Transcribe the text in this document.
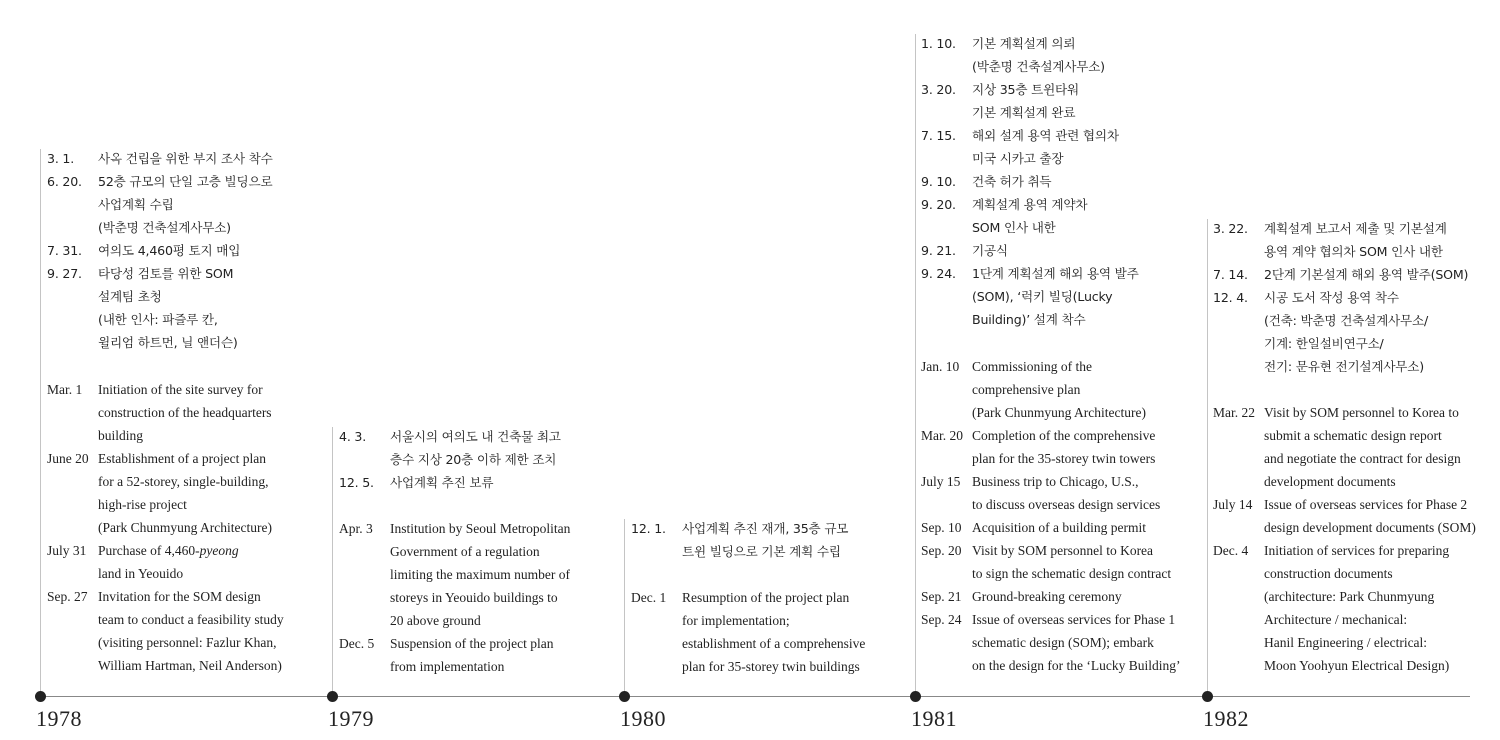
3. 1.	사옥 건립을 위한 부지 조사 착수
6. 20.	52층 규모의 단일 고층 빌딩으로
사업계획 수립
(박춘명 건축설계사무소)
7. 31.	여의도 4,460평 토지 매입
9. 27.	타당성 검토를 위한 SOM
설계팀 초청
(내한 인사: 파즐루 칸,
윌리엄 하트먼, 닐 앤더슨)
Mar. 1	Initiation of the site survey for
construction of the headquarters
building
June 20 Establishment of a project plan
for a 52-storey, single-building,
high-rise project
(Park Chunmyung Architecture)
July 31 Purchase of 4,460-pyeong
land in Yeouido
Sep. 27 Invitation for the SOM design
team to conduct a feasibility study
(visiting personnel: Fazlur Khan,
William Hartman, Neil Anderson)
1978
4. 3.	서울시의 여의도 내 건축물 최고
층수 지상 20층 이하 제한 조치
12. 5.	사업계획 추진 보류
Apr. 3	Institution by Seoul Metropolitan
Government of a regulation
limiting the maximum number of
storeys in Yeouido buildings to
20 above ground
Dec. 5	Suspension of the project plan
from implementation
1979
12. 1.	사업계획 추진 재개, 35층 규모
트윈 빌딩으로 기본 계획 수립
Dec. 1	Resumption of the project plan
for implementation;
establishment of a comprehensive
plan for 35-storey twin buildings
1980
1. 10.	기본 계획설계 의뢰
(박춘명 건축설계사무소)
3. 20.	지상 35층 트윈타워
기본 계획설계 완료
7. 15.	해외 설계 용역 관련 협의차
미국 시카고 출장
9. 10.	건축 허가 취득
9. 20.	계획설계 용역 계약차
SOM 인사 내한
9. 21.	기공식
9. 24.	1단계 계획설계 해외 용역 발주
(SOM), ‘럭키 빌딩(Lucky
Building)’ 설계 착수
Jan. 10 Commissioning of the
comprehensive plan
(Park Chunmyung Architecture)
Mar. 20 Completion of the comprehensive
plan for the 35-storey twin towers
July 15 Business trip to Chicago, U.S.,
to discuss overseas design services
Sep. 10 Acquisition of a building permit
Sep. 20 Visit by SOM personnel to Korea
to sign the schematic design contract
Sep. 21 Ground-breaking ceremony
Sep. 24 Issue of overseas services for Phase 1
schematic design (SOM); embark
on the design for the ‘Lucky Building’
1981
3. 22.	계획설계 보고서 제출 및 기본설계
용역 계약 협의차 SOM 인사 내한
7. 14.	2단계 기본설계 해외 용역 발주(SOM)
12. 4.	시공 도서 작성 용역 착수
(건축: 박춘명 건축설계사무소/
기계: 한일설비연구소/
전기: 문유현 전기설계사무소)
Mar. 22 Visit by SOM personnel to Korea to
submit a schematic design report
and negotiate the contract for design
development documents
July 14 Issue of overseas services for Phase 2
design development documents (SOM)
Dec. 4	Initiation of services for preparing
construction documents
(architecture: Park Chunmyung
Architecture / mechanical:
Hanil Engineering / electrical:
Moon Yoohyun Electrical Design)
1982
